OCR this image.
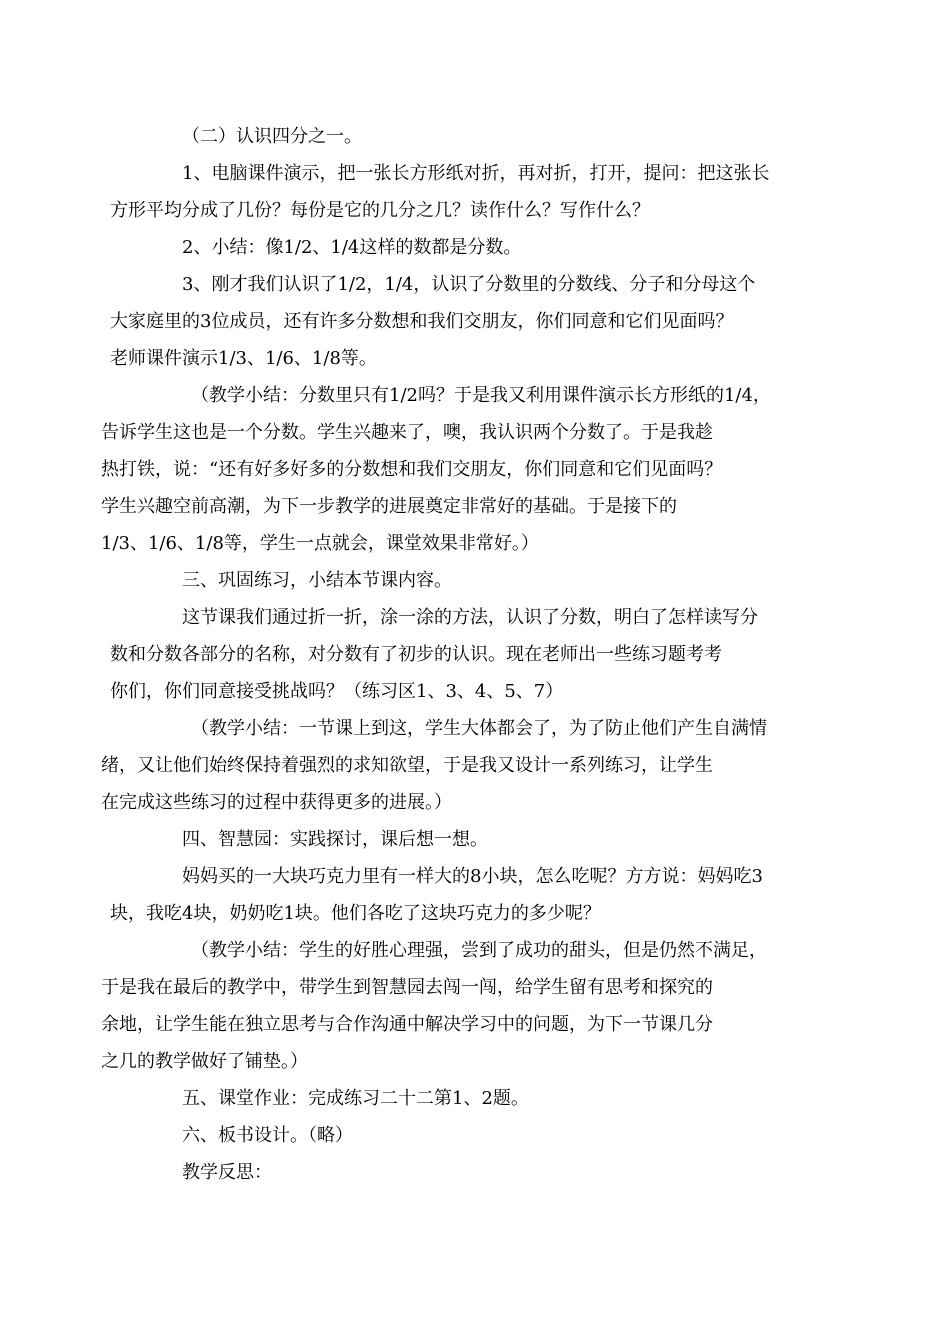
（二）认识四分之一。

1、电脑课件演示，把一张长方形纸对折，再对折，打开，提问：把这张长
方形平均分成了几份？每份是它的几分之几？读作什么？写作什么？

2、小结：像1/2、1/4这样的数都是分数。

3、刚才我们认识了1/2，1/4，认识了分数里的分数线、分子和分母这个
大家庭里的3位成员，还有许多分数想和我们交朋友，你们同意和它们见面吗？
老师课件演示1/3、1/6、1/8等。

（教学小结：分数里只有1/2吗？于是我又利用课件演示长方形纸的1/4，
告诉学生这也是一个分数。学生兴趣来了，噢，我认识两个分数了。于是我趁
热打铁，说：“还有好多好多的分数想和我们交朋友，你们同意和它们见面吗？
学生兴趣空前高潮，为下一步教学的进展奠定非常好的基础。于是接下的
1/3、1/6、1/8等，学生一点就会，课堂效果非常好。）

三、巩固练习，小结本节课内容。

这节课我们通过折一折，涂一涂的方法，认识了分数，明白了怎样读写分
数和分数各部分的名称，对分数有了初步的认识。现在老师出一些练习题考考
你们，你们同意接受挑战吗？（练习区1、3、4、5、7）

（教学小结：一节课上到这，学生大体都会了，为了防止他们产生自满情
绪，又让他们始终保持着强烈的求知欲望，于是我又设计一系列练习，让学生
在完成这些练习的过程中获得更多的进展。）

四、智慧园：实践探讨，课后想一想。

妈妈买的一大块巧克力里有一样大的8小块，怎么吃呢？方方说：妈妈吃3
块，我吃4块，奶奶吃1块。他们各吃了这块巧克力的多少呢？

（教学小结：学生的好胜心理强，尝到了成功的甜头，但是仍然不满足，
于是我在最后的教学中，带学生到智慧园去闯一闯，给学生留有思考和探究的
余地，让学生能在独立思考与合作沟通中解决学习中的问题，为下一节课几分
之几的教学做好了铺垫。）

五、课堂作业：完成练习二十二第1、2题。

六、板书设计。（略）

教学反思：
